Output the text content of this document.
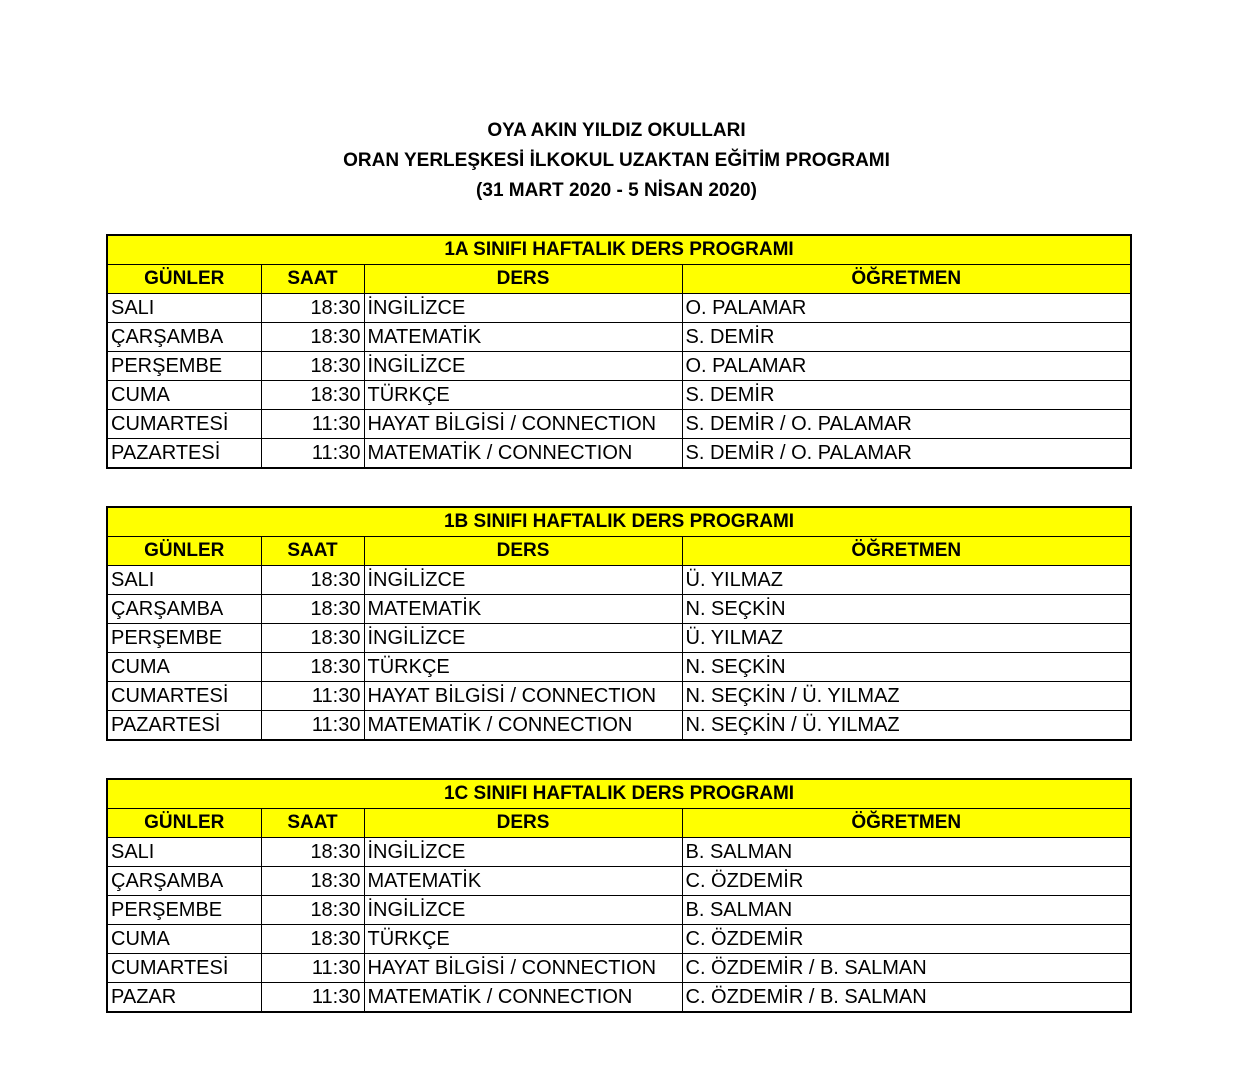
OYA AKIN YILDIZ OKULLARI
ORAN YERLEŞKESİ İLKOKUL UZAKTAN EĞİTİM PROGRAMI
(31 MART 2020 - 5 NİSAN 2020)
1A SINIFI HAFTALIK DERS PROGRAMI			
GÜNLER	SAAT	DERS	ÖĞRETMEN
SALI	18:30	İNGİLİZCE	O. PALAMAR
ÇARŞAMBA	18:30	MATEMATİK	S. DEMİR
PERŞEMBE	18:30	İNGİLİZCE	O. PALAMAR
CUMA	18:30	TÜRKÇE	S. DEMİR
CUMARTESİ	11:30	HAYAT BİLGİSİ / CONNECTION	S. DEMİR / O. PALAMAR
PAZARTESİ	11:30	MATEMATİK / CONNECTION	S. DEMİR / O. PALAMAR
1B SINIFI HAFTALIK DERS PROGRAMI			
GÜNLER	SAAT	DERS	ÖĞRETMEN
SALI	18:30	İNGİLİZCE	Ü. YILMAZ
ÇARŞAMBA	18:30	MATEMATİK	N. SEÇKİN
PERŞEMBE	18:30	İNGİLİZCE	Ü. YILMAZ
CUMA	18:30	TÜRKÇE	N. SEÇKİN
CUMARTESİ	11:30	HAYAT BİLGİSİ / CONNECTION	N. SEÇKİN / Ü. YILMAZ
PAZARTESİ	11:30	MATEMATİK / CONNECTION	N. SEÇKİN / Ü. YILMAZ
1C SINIFI HAFTALIK DERS PROGRAMI			
GÜNLER	SAAT	DERS	ÖĞRETMEN
SALI	18:30	İNGİLİZCE	B. SALMAN
ÇARŞAMBA	18:30	MATEMATİK	C. ÖZDEMİR
PERŞEMBE	18:30	İNGİLİZCE	B. SALMAN
CUMA	18:30	TÜRKÇE	C. ÖZDEMİR
CUMARTESİ	11:30	HAYAT BİLGİSİ / CONNECTION	C. ÖZDEMİR / B. SALMAN
PAZAR	11:30	MATEMATİK / CONNECTION	C. ÖZDEMİR / B. SALMAN
